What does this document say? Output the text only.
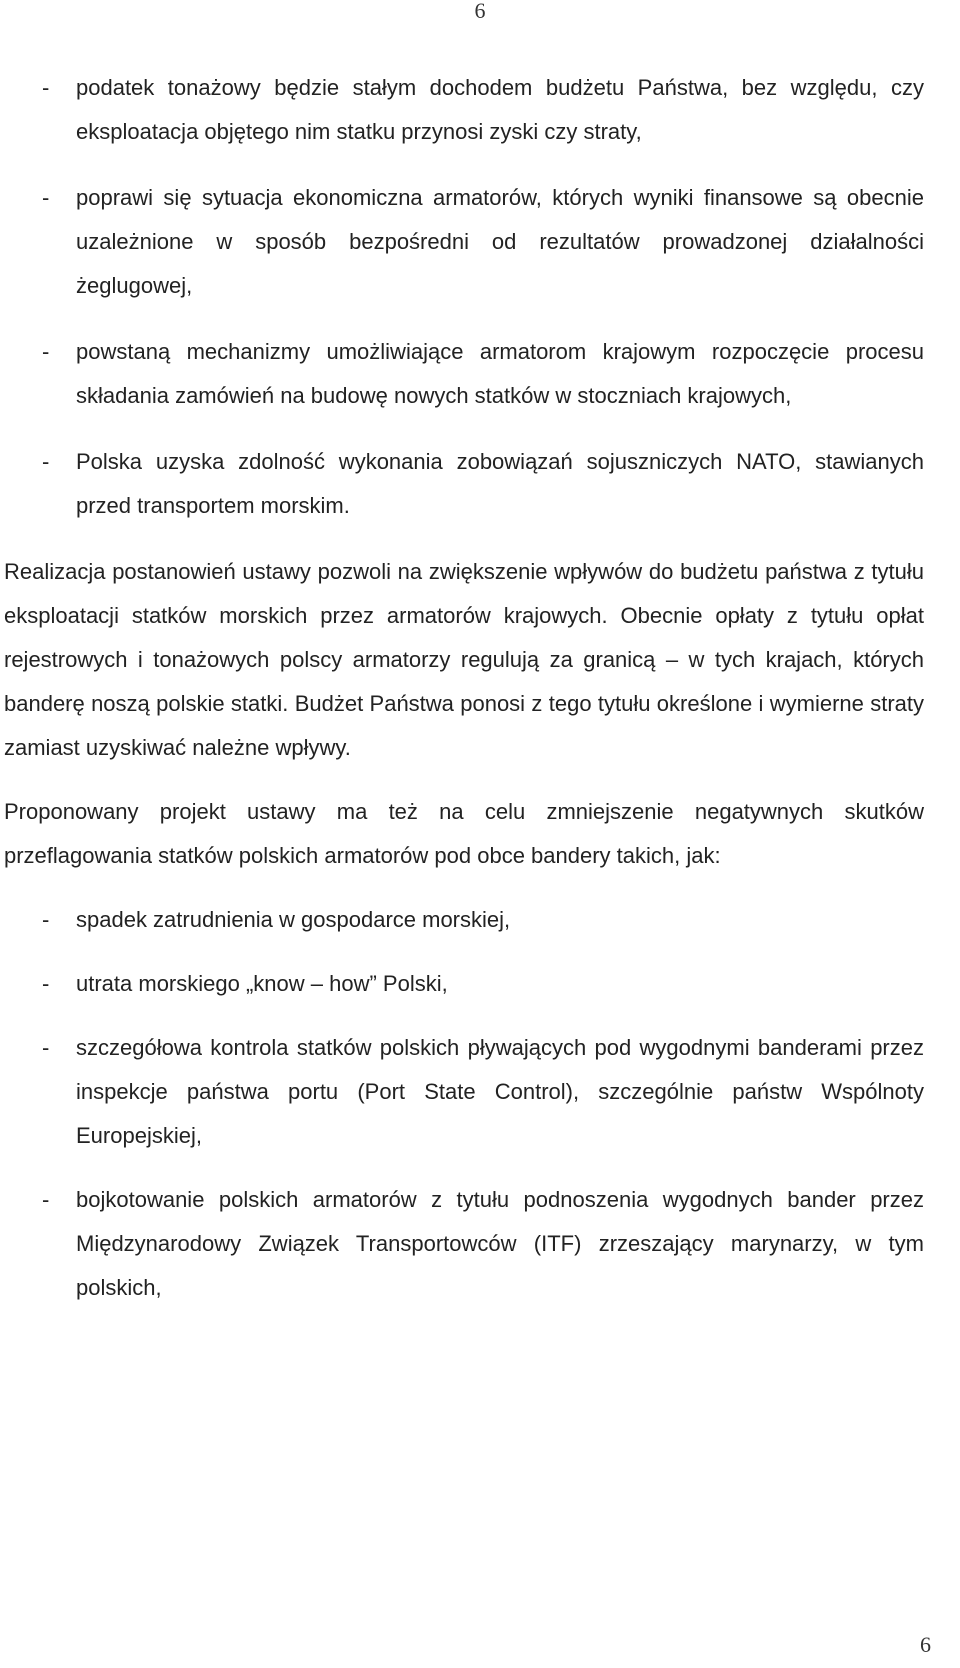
6
- podatek tonażowy będzie stałym dochodem budżetu Państwa, bez względu, czy eksploatacja objętego nim statku przynosi zyski czy straty,
- poprawi się sytuacja ekonomiczna armatorów, których wyniki finansowe są obecnie uzależnione w sposób bezpośredni od rezultatów prowadzonej działalności żeglugowej,
- powstaną mechanizmy umożliwiające armatorom krajowym rozpoczęcie procesu składania zamówień na budowę nowych statków w stoczniach krajowych,
- Polska uzyska zdolność wykonania zobowiązań sojuszniczych NATO, stawianych przed transportem morskim.

Realizacja postanowień ustawy pozwoli na zwiększenie wpływów do budżetu państwa z tytułu eksploatacji statków morskich przez armatorów krajowych. Obecnie opłaty z tytułu opłat rejestrowych i tonażowych polscy armatorzy regulują za granicą – w tych krajach, których banderę noszą polskie statki. Budżet Państwa ponosi z tego tytułu określone i wymierne straty zamiast uzyskiwać należne wpływy.

Proponowany projekt ustawy ma też na celu zmniejszenie negatywnych skutków przeflagowania statków polskich armatorów pod obce bandery takich, jak:

- spadek zatrudnienia w gospodarce morskiej,
- utrata morskiego „know – how” Polski,
- szczegółowa kontrola statków polskich pływających pod wygodnymi banderami przez inspekcje państwa portu (Port State Control), szczególnie państw Wspólnoty Europejskiej,
- bojkotowanie polskich armatorów z tytułu podnoszenia wygodnych bander przez Międzynarodowy Związek Transportowców (ITF) zrzeszający marynarzy, w tym polskich,
6
